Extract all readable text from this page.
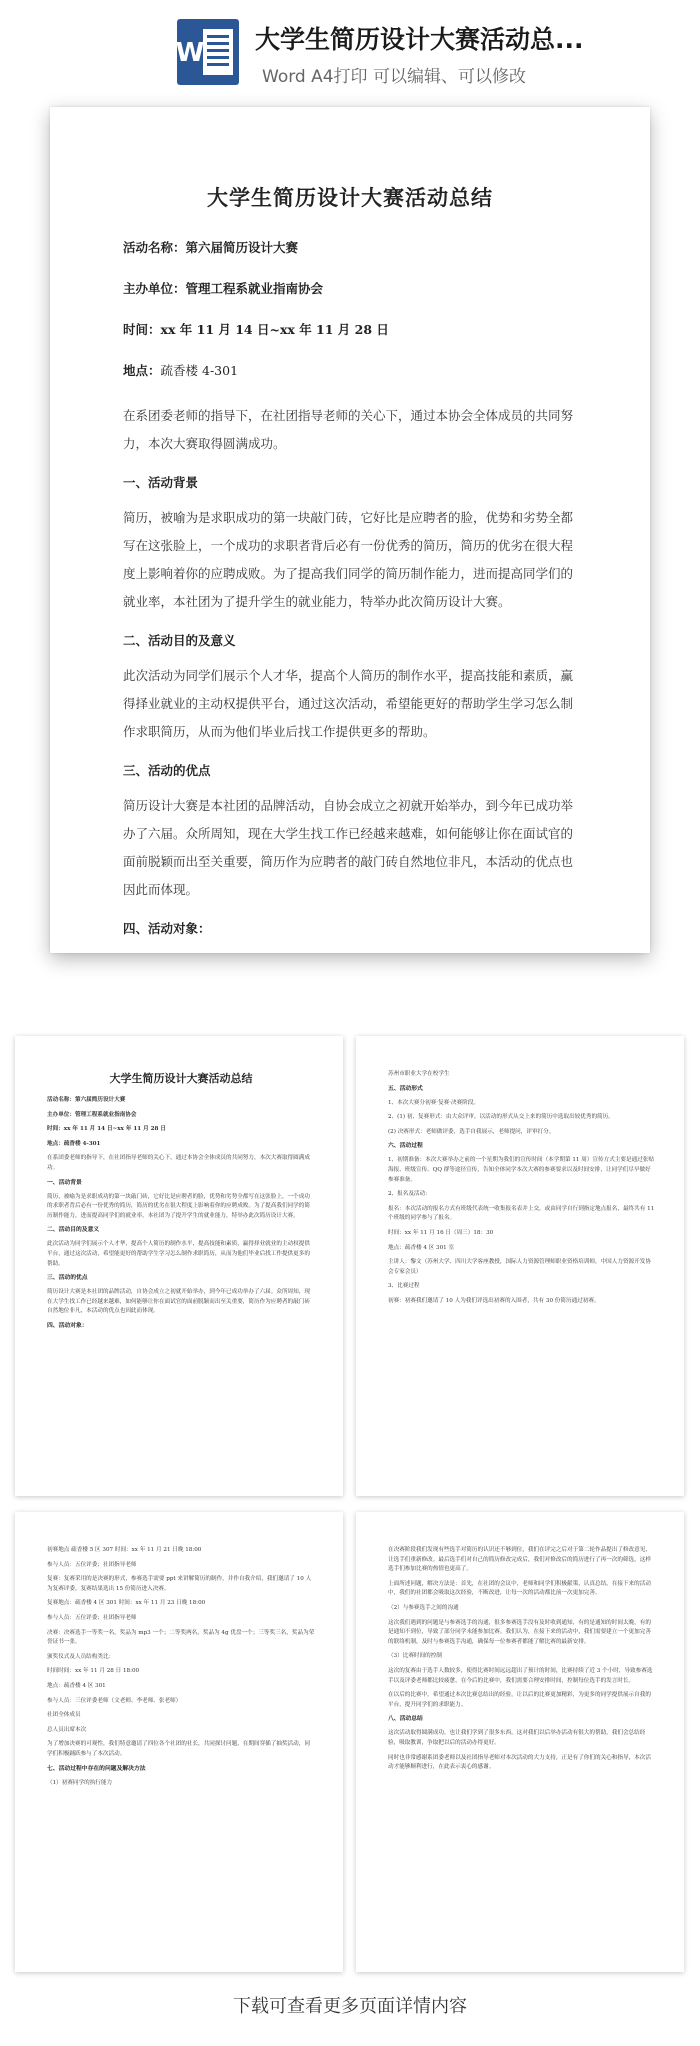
W 大学生简历设计大赛活动总...
Word A4打印 可以编辑、可以修改
大学生简历设计大赛活动总结
活动名称：第六届简历设计大赛
主办单位：管理工程系就业指南协会
时间：xx 年 11 月 14 日~xx 年 11 月 28 日
地点：疏香楼 4-301

在系团委老师的指导下，在社团指导老师的关心下，通过本协会全体成员的共同努力，本次大赛取得圆满成功。

一、活动背景

简历，被喻为是求职成功的第一块敲门砖，它好比是应聘者的脸，优势和劣势全都写在这张脸上，一个成功的求职者背后必有一份优秀的简历，简历的优劣在很大程度上影响着你的应聘成败。为了提高我们同学的简历制作能力，进而提高同学们的就业率，本社团为了提升学生的就业能力，特举办此次简历设计大赛。

二、活动目的及意义

此次活动为同学们展示个人才华，提高个人简历的制作水平，提高技能和素质，赢得择业就业的主动权提供平台，通过这次活动，希望能更好的帮助学生学习怎么制作求职简历，从而为他们毕业后找工作提供更多的帮助。

三、活动的优点

简历设计大赛是本社团的品牌活动，自协会成立之初就开始举办，到今年已成功举办了六届。众所周知，现在大学生找工作已经越来越难，如何能够让你在面试官的面前脱颖而出至关重要，简历作为应聘者的敲门砖自然地位非凡，本活动的优点也因此而体现。

四、活动对象：
大学生简历设计大赛活动总结
活动名称：第六届简历设计大赛
主办单位：管理工程系就业指南协会
时间：xx 年 11 月 14 日~xx 年 11 月 28 日
地点：疏香楼 4-301
在系团委老师的指导下，在社团指导老师的关心下，通过本协会全体成员的共同努力，本次大赛取得圆满成功。
一、活动背景
简历，被喻为是求职成功的第一块敲门砖，它好比是应聘者的脸，优势和劣势全都写在这张脸上，一个成功的求职者背后必有一份优秀的简历，简历的优劣在很大程度上影响着你的应聘成败。为了提高我们同学的简历制作能力，进而提高同学们的就业率，本社团为了提升学生的就业能力，特举办此次简历设计大赛。
二、活动目的及意义
此次活动为同学们展示个人才华，提高个人简历的制作水平，提高技能和素质，赢得择业就业的主动权提供平台，通过这次活动，希望能更好的帮助学生学习怎么制作求职简历，从而为他们毕业后找工作提供更多的帮助。
三、活动的优点
简历设计大赛是本社团的品牌活动，自协会成立之初就开始举办，到今年已成功举办了六届。众所周知，现在大学生找工作已经越来越难，如何能够让你在面试官的面前脱颖而出至关重要，简历作为应聘者的敲门砖自然地位非凡，本活动的优点也因此而体现。
四、活动对象：
苏州市职业大学在校学生
五、活动形式
1、本次大赛分初赛·复赛·决赛阶段。
2、(1) 初、复赛形式：由大众评审，以活动的形式从交上来的简历中选取出较优秀的简历。
(2) 决赛形式：老师做评委，选手自我展示，老师提问，评审打分。
六、活动过程
1、初期准备：本次大赛举办之前的一个星期为我们的宣传时间（本学期第 11 周）宣传方式主要是通过张贴海报、班级宣传、QQ 群等途径宣传，告知全体同学本次大赛的参赛要求以及时间安排，让同学们尽早做好参赛准备。
2、报名及活动：
报名：本次活动的报名方式有班级代表统一收集报名表并上交，或由同学自行到指定地点报名，最终共有 11 个班级的同学参与了报名。
时间：xx 年 11 月 16 日（周三）18：30
地点：疏香楼 4 区 301 室
主讲人：黎文（苏州大学、四川大学客座教授，国际人力资源管理师职业资格培训师，中国人力资源开发协会专家会员）
3、比赛过程
初赛：初赛我们邀请了 10 人为我们评选出初赛的入围者，共有 30 份简历通过初赛。
初赛地点 疏香楼 5 区 307 时间：xx 年 11 月 21 日晚 18:00
参与人员：五位评委；社团指导老师
复赛：复赛采用的是决赛的形式，参赛选手需要 ppt 来讲解简历的制作，并作自我介绍，我们邀请了 10 人为复赛评委，复赛结果选出 15 份简历进入决赛。
复赛地点：疏香楼 4 区 301 时间：xx 年 11 月 23 日晚 18:00
参与人员：五位评委；社团指导老师
决赛：决赛选手一等奖一名，奖品为 mp3 一个；二等奖两名，奖品为 4g 优盘一个；三等奖三名，奖品为荣誉证书一张。
颁奖仪式及人员结构类比：
时间时间：xx 年 11 月 28 日 18:00
地点：疏香楼 4 区 301
参与人员：三位评委老师（文老师、李老师、张老师）
社团全体成员
总人员出席本次
为了增加决赛的可观性，我们特意邀请了四位各个社团的社长，共同探讨问题，在期间穿插了抽奖活动，同学们积极踊跃参与了本次活动。
七、活动过程中存在的问题及解决方法
（1）初赛同学的执行能力
在决赛阶段我们发现有些选手对简历的认识还不够到位，我们在评完之后对于第二轮作品提出了修改意见，让选手们重新修改。最后选手们对自己的简历修改完成后，我们对修改后的简历进行了再一次的筛选，这样选手们参加比赛的热情也更高了。
上面所述问题，解决方法是：首先，在社团的会议中，老师和同学们积极献策，认真总结，在接下来的活动中，我们的社团都会吸取这次经验，不断改进，让每一次的活动都比前一次更加完善。
（2）与参赛选手之间的沟通
这次我们遇到的问题是与参赛选手的沟通，很多参赛选手没有及时收到通知，有的是通知的时间太晚，有的是通知不到位，导致了部分同学未能参加比赛。我们认为，在接下来的活动中，我们需要建立一个更加完善的联络机制，及时与参赛选手沟通，确保每一位参赛者都能了解比赛的最新安排。
（3）比赛时间的控制
这次的复赛由于选手人数较多，使得比赛时间远远超出了预计的时间，比赛持续了近 3 个小时，导致参赛选手以及评委老师都比较疲惫，在今后的比赛中，我们需要合理安排时间，控制每位选手的发言时长。
在以后的比赛中，希望通过本次比赛总结出的经验，让以后的比赛更加精彩，为更多的同学提供展示自我的平台，提升同学们的求职能力。
八、活动总结
这次活动取得圆满成功，也让我们学到了很多东西，这对我们以后举办活动有很大的帮助，我们会总结经验，吸取教训，争取把以后的活动办得更好。
同时也非常感谢系团委老师以及社团指导老师对本次活动的大力支持，正是有了你们的关心和指导，本次活动才能够顺利进行，在此表示衷心的感谢。
下载可查看更多页面详情内容
